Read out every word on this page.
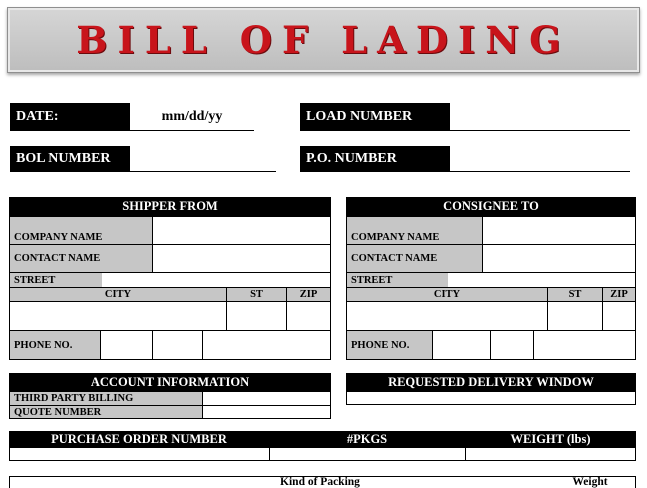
BILL OF LADING
DATE:	mm/dd/yy	LOAD NUMBER
BOL NUMBER	P.O. NUMBER
SHIPPER FROM
COMPANY NAME
CONTACT NAME
STREET
CITY	ST	ZIP
PHONE NO.
CONSIGNEE TO
COMPANY NAME
CONTACT NAME
STREET
CITY	ST	ZIP
PHONE NO.
ACCOUNT INFORMATION
THIRD PARTY BILLING
QUOTE NUMBER
REQUESTED DELIVERY WINDOW
PURCHASE ORDER NUMBER	#PKGS	WEIGHT (lbs)
Kind of Packing	Weight
